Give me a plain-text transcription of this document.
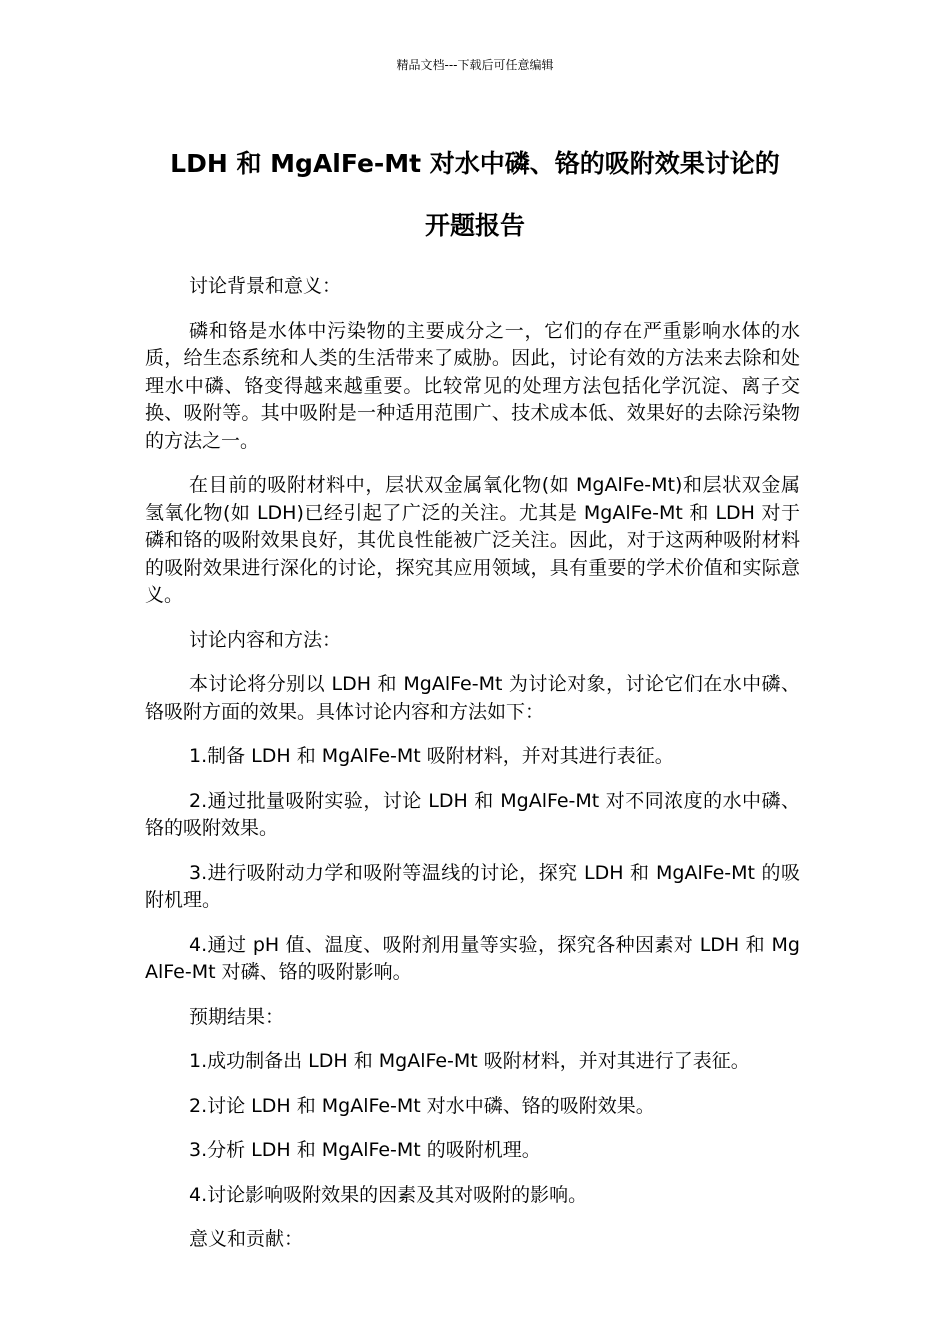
精品文档---下载后可任意编辑
LDH 和 MgAlFe-Mt 对水中磷、铬的吸附效果讨论的
开题报告

讨论背景和意义：

磷和铬是水体中污染物的主要成分之一，它们的存在严重影响水体的水质，给生态系统和人类的生活带来了威胁。因此，讨论有效的方法来去除和处理水中磷、铬变得越来越重要。比较常见的处理方法包括化学沉淀、离子交换、吸附等。其中吸附是一种适用范围广、技术成本低、效果好的去除污染物的方法之一。

在目前的吸附材料中，层状双金属氧化物(如 MgAlFe-Mt)和层状双金属氢氧化物(如 LDH)已经引起了广泛的关注。尤其是 MgAlFe-Mt 和 LDH 对于磷和铬的吸附效果良好，其优良性能被广泛关注。因此，对于这两种吸附材料的吸附效果进行深化的讨论，探究其应用领域，具有重要的学术价值和实际意义。

讨论内容和方法：

本讨论将分别以 LDH 和 MgAlFe-Mt 为讨论对象，讨论它们在水中磷、铬吸附方面的效果。具体讨论内容和方法如下：

1.制备 LDH 和 MgAlFe-Mt 吸附材料，并对其进行表征。

2.通过批量吸附实验，讨论 LDH 和 MgAlFe-Mt 对不同浓度的水中磷、铬的吸附效果。

3.进行吸附动力学和吸附等温线的讨论，探究 LDH 和 MgAlFe-Mt 的吸附机理。

4.通过 pH 值、温度、吸附剂用量等实验，探究各种因素对 LDH 和 MgAlFe-Mt 对磷、铬的吸附影响。

预期结果：

1.成功制备出 LDH 和 MgAlFe-Mt 吸附材料，并对其进行了表征。

2.讨论 LDH 和 MgAlFe-Mt 对水中磷、铬的吸附效果。

3.分析 LDH 和 MgAlFe-Mt 的吸附机理。

4.讨论影响吸附效果的因素及其对吸附的影响。

意义和贡献：
